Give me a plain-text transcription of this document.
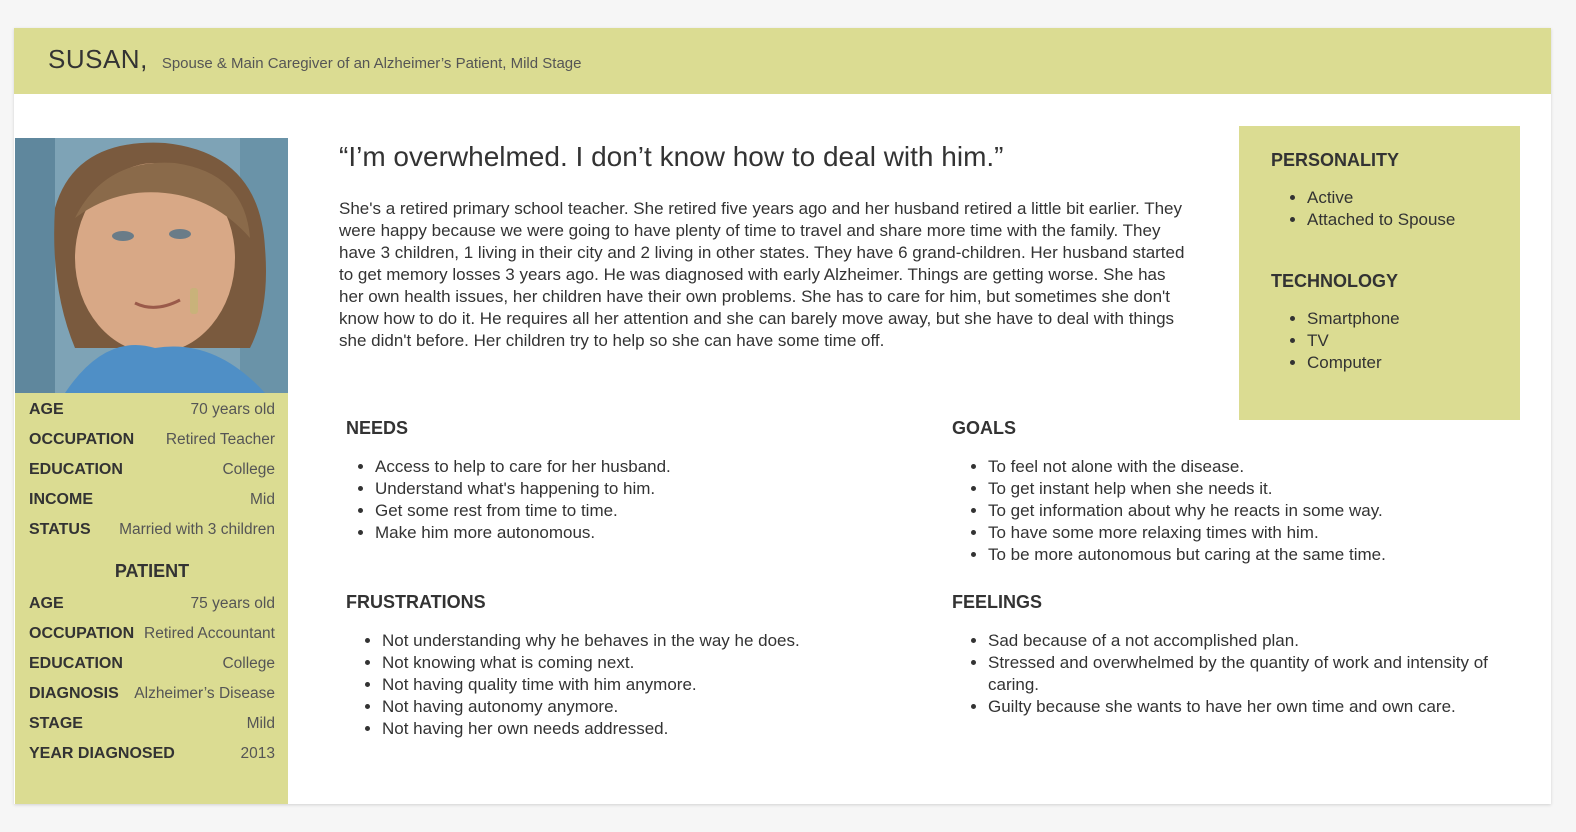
SUSAN, Spouse & Main Caregiver of an Alzheimer’s Patient, Mild Stage
AGE	70 years old
OCCUPATION Retired Teacher
EDUCATION	College
INCOME	Mid
STATUS Married with 3 children
PATIENT
AGE	75 years old
OCCUPATION Retired Accountant
EDUCATION	College
DIAGNOSIS Alzheimer’s Disease
STAGE	Mild
YEAR DIAGNOSED	2013
“I’m overwhelmed. I don’t know how to deal with him.”

She's a retired primary school teacher. She retired five years ago and her husband retired a little bit earlier. They were happy because we were going to have plenty of time to travel and share more time with the family. They have 3 children, 1 living in their city and 2 living in other states. They have 6 grand-children. Her husband started to get memory losses 3 years ago. He was diagnosed with early Alzheimer. Things are getting worse. She has her own health issues, her children have their own problems. She has to care for him, but sometimes she don't know how to do it. He requires all her attention and she can barely move away, but she have to deal with things she didn't before. Her children try to help so she can have some time off.

PERSONALITY
• Active
• Attached to Spouse
TECHNOLOGY
• Smartphone
• TV
• Computer
NEEDS
• Access to help to care for her husband.
• Understand what's happening to him.
• Get some rest from time to time.
• Make him more autonomous.
GOALS
• To feel not alone with the disease.
• To get instant help when she needs it.
• To get information about why he reacts in some way.
• To have some more relaxing times with him.
• To be more autonomous but caring at the same time.
FRUSTRATIONS
• Not understanding why he behaves in the way he does.
• Not knowing what is coming next.
• Not having quality time with him anymore.
• Not having autonomy anymore.
• Not having her own needs addressed.
FEELINGS
• Sad because of a not accomplished plan.
• Stressed and overwhelmed by the quantity of work and intensity of caring.
• Guilty because she wants to have her own time and own care.
